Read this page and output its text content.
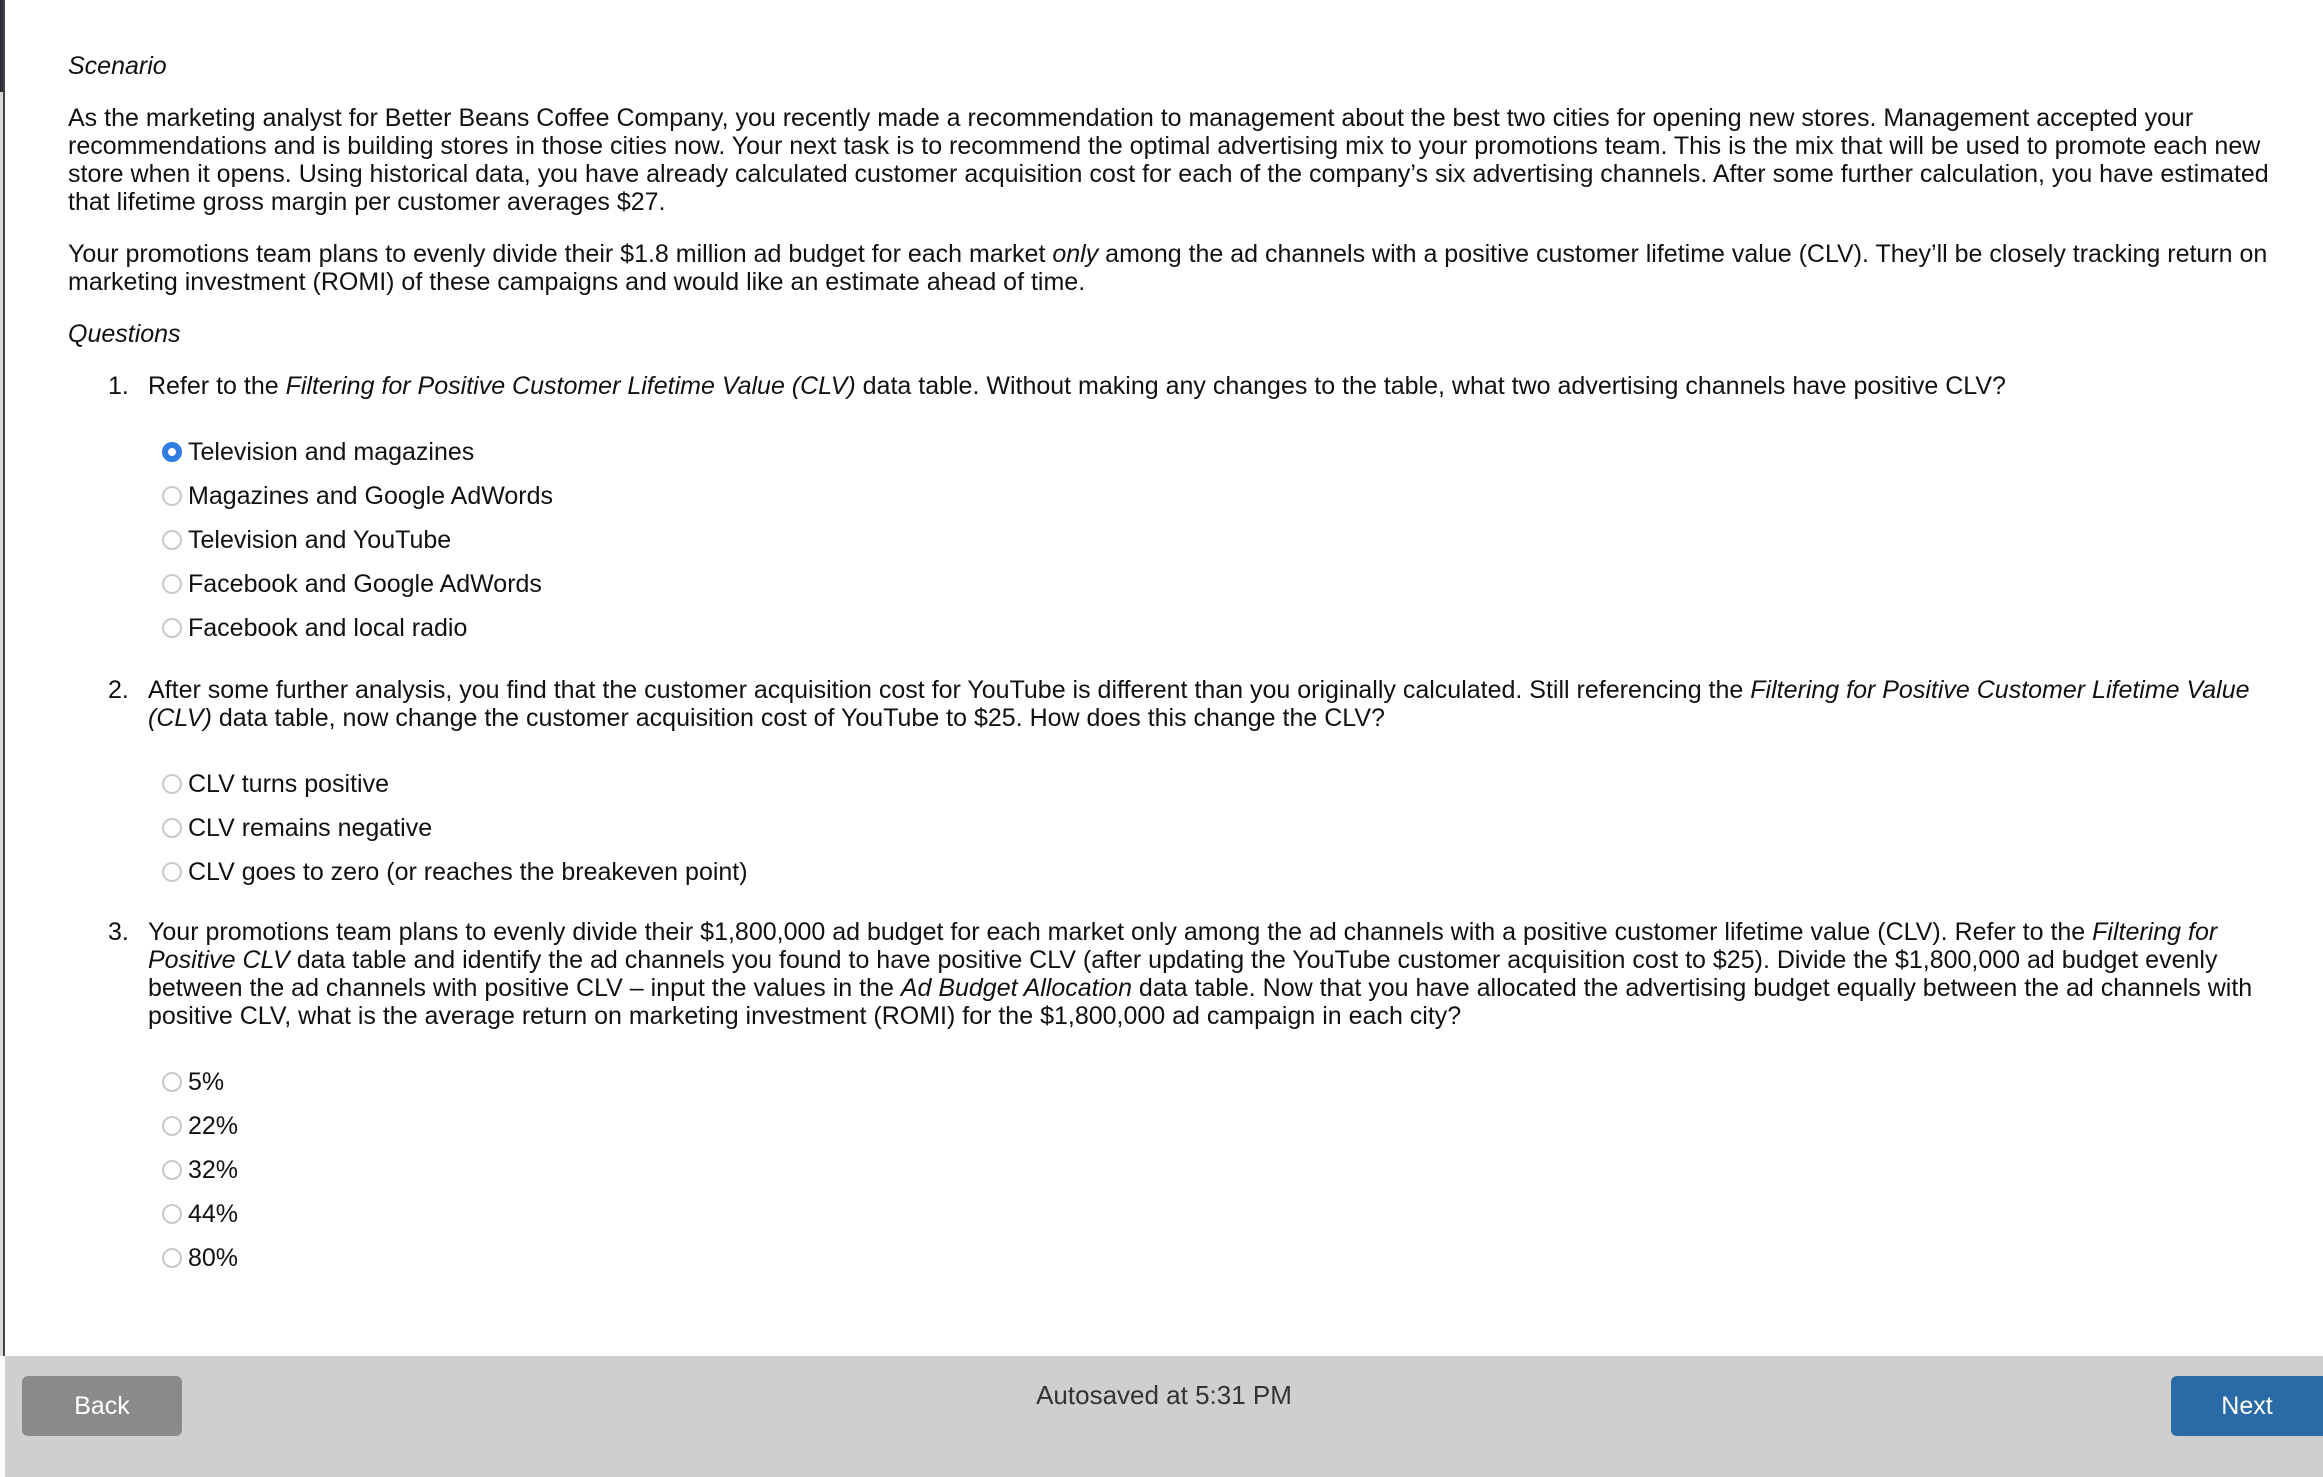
Scenario

As the marketing analyst for Better Beans Coffee Company, you recently made a recommendation to management about the best two cities for opening new stores. Management accepted your recommendations and is building stores in those cities now. Your next task is to recommend the optimal advertising mix to your promotions team. This is the mix that will be used to promote each new store when it opens. Using historical data, you have already calculated customer acquisition cost for each of the company’s six advertising channels. After some further calculation, you have estimated that lifetime gross margin per customer averages $27.

Your promotions team plans to evenly divide their $1.8 million ad budget for each market only among the ad channels with a positive customer lifetime value (CLV). They’ll be closely tracking return on marketing investment (ROMI) of these campaigns and would like an estimate ahead of time.

Questions
1. Refer to the Filtering for Positive Customer Lifetime Value (CLV) data table. Without making any changes to the table, what two advertising channels have positive CLV?

Television and magazines
Magazines and Google AdWords
Television and YouTube
Facebook and Google AdWords
Facebook and local radio
2. After some further analysis, you find that the customer acquisition cost for YouTube is different than you originally calculated. Still referencing the Filtering for Positive Customer Lifetime Value (CLV) data table, now change the customer acquisition cost of YouTube to $25. How does this change the CLV?

CLV turns positive
CLV remains negative
CLV goes to zero (or reaches the breakeven point)
3. Your promotions team plans to evenly divide their $1,800,000 ad budget for each market only among the ad channels with a positive customer lifetime value (CLV). Refer to the Filtering for Positive CLV data table and identify the ad channels you found to have positive CLV (after updating the YouTube customer acquisition cost to $25). Divide the $1,800,000 ad budget evenly between the ad channels with positive CLV – input the values in the Ad Budget Allocation data table. Now that you have allocated the advertising budget equally between the ad channels with positive CLV, what is the average return on marketing investment (ROMI) for the $1,800,000 ad campaign in each city?

5%
22%
32%
44%
80%
Back	Autosaved at 5:31 PM	Next
